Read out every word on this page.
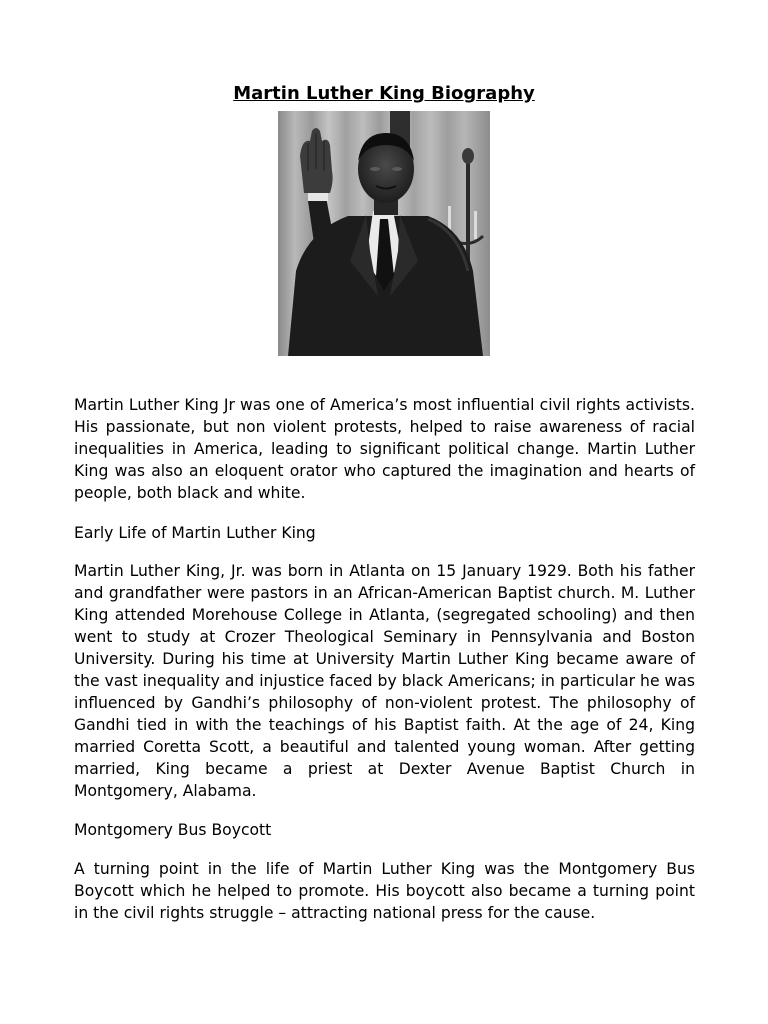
Martin Luther King Biography

Martin Luther King Jr was one of America’s most influential civil rights activists. His passionate, but non violent protests, helped to raise awareness of racial inequalities in America, leading to significant political change. Martin Luther King was also an eloquent orator who captured the imagination and hearts of people, both black and white.

Early Life of Martin Luther King

Martin Luther King, Jr. was born in Atlanta on 15 January 1929. Both his father and grandfather were pastors in an African-American Baptist church. M. Luther King attended Morehouse College in Atlanta, (segregated schooling) and then went to study at Crozer Theological Seminary in Pennsylvania and Boston University. During his time at University Martin Luther King became aware of the vast inequality and injustice faced by black Americans; in particular he was influenced by Gandhi’s philosophy of non-violent protest. The philosophy of Gandhi tied in with the teachings of his Baptist faith. At the age of 24, King married Coretta Scott, a beautiful and talented young woman. After getting married, King became a priest at Dexter Avenue Baptist Church in Montgomery, Alabama.

Montgomery Bus Boycott

A turning point in the life of Martin Luther King was the Montgomery Bus Boycott which he helped to promote. His boycott also became a turning point in the civil rights struggle – attracting national press for the cause.
